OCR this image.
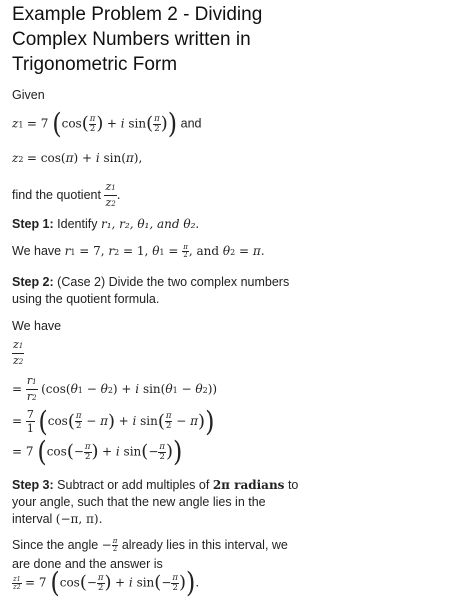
Example Problem 2 - Dividing
Complex Numbers written in
Trigonometric Form
Given
z1 = 7 ($\cos( \frac{\pi}{2}$ ) + i $\sin( \frac{\pi}{2}$ )) and
z2 = cos(π) + i sin(π),
find the quotient $\frac{z1}{z2}$ .
Step 1: Identify r₁, r₂, θ₁, and θ₂.
We have r1 = 7, r2 = 1, $\theta 1 = \frac{\pi}{2}$ , and θ2 = π.
Step 2: (Case 2) Divide the two complex numbers
using the quotient formula.
We have
$\frac{z1}{z2}$
= $\frac{r1}{r2} (\cos(\theta 1 - \theta 2) + i$ sin(θ1 − θ2))
= $\frac{7}{1} (\cos( \frac{\pi}{2} - \pi) + i$ $\sin( \frac{\pi}{2} - \pi)$)
= 7 ($\cos(- \frac{\pi}{2}$ ) + i $\sin(- \frac{\pi}{2}$ ))
Step 3: Subtract or add multiples of 2π radians to
your angle, such that the new angle lies in the
interval (−π, π).
Since the angle − $\frac{\pi}{2}$ already lies in this interval, we
are done and the answer is
$\frac{z1}{z2} = 7$ ($\cos(- \frac{\pi}{2}$ ) + i $\sin(- \frac{\pi}{2}$ )).
